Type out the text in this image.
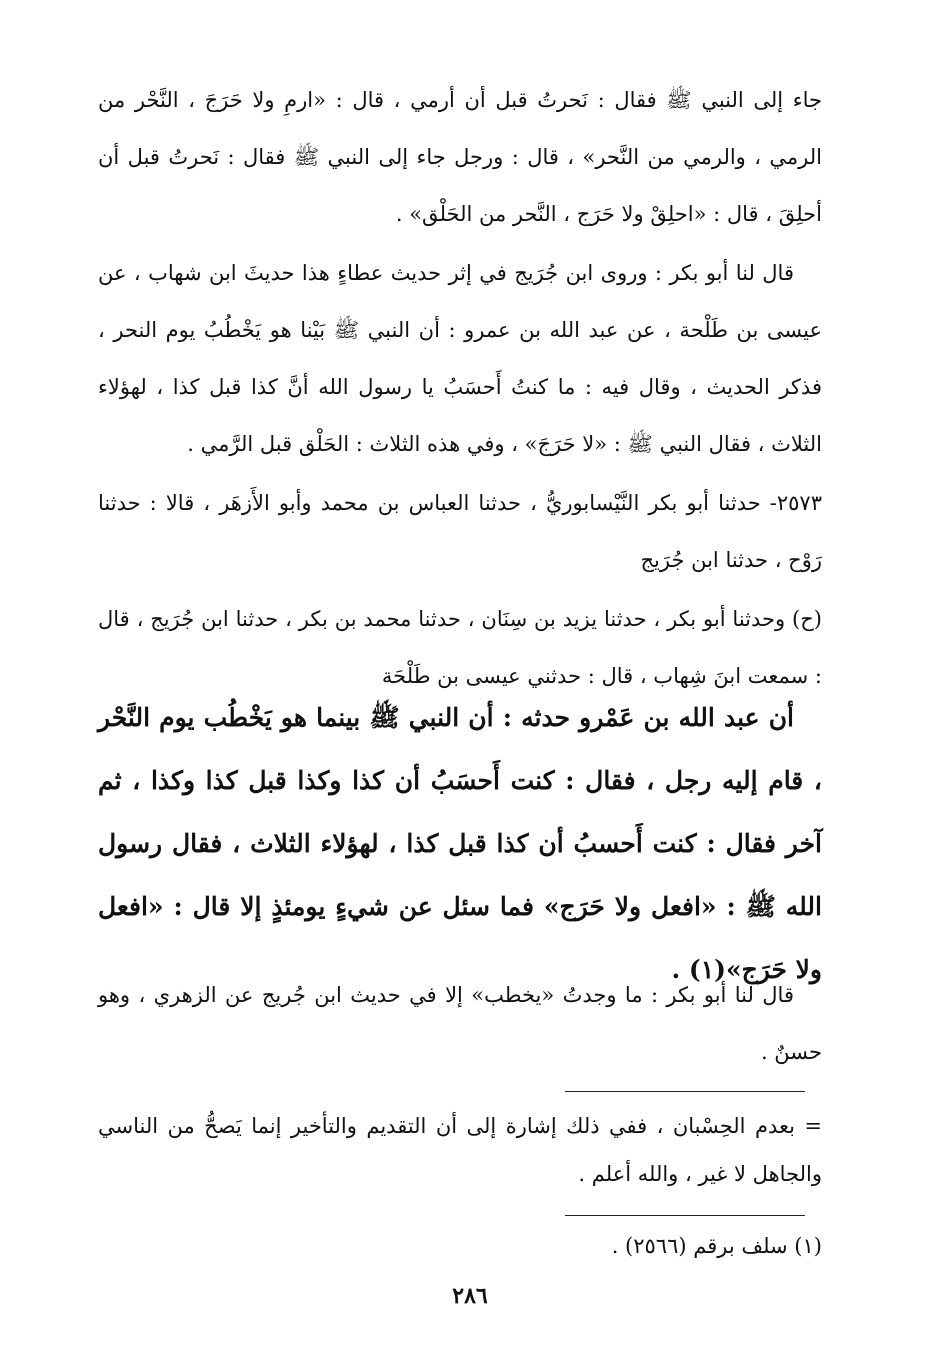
جاء إلى النبي ﷺ فقال : نَحرتُ قبل أن أرمي ، قال : «ارمِ ولا حَرَجَ ، النَّحْر من الرمي ، والرمي من النَّحر» ، قال : ورجل جاء إلى النبي ﷺ فقال : نَحرتُ قبل أن أحلِقَ ، قال : «احلِقْ ولا حَرَج ، النَّحر من الحَلْق» .

قال لنا أبو بكر : وروى ابن جُرَيج في إثر حديث عطاءٍ هذا حديثَ ابن شهاب ، عن عيسى بن طَلْحة ، عن عبد الله بن عمرو : أن النبي ﷺ بَيْنا هو يَخْطُبُ يوم النحر ، فذكر الحديث ، وقال فيه : ما كنتُ أَحسَبُ يا رسول الله أنَّ كذا قبل كذا ، لهؤلاء الثلاث ، فقال النبي ﷺ : «لا حَرَجَ» ، وفي هذه الثلاث : الحَلْق قبل الرَّمي .

٢٥٧٣- حدثنا أبو بكر النَّيْسابوريُّ ، حدثنا العباس بن محمد وأبو الأَزهَر ، قالا : حدثنا رَوْح ، حدثنا ابن جُرَيج

(ح) وحدثنا أبو بكر ، حدثنا يزيد بن سِنَان ، حدثنا محمد بن بكر ، حدثنا ابن جُرَيج ، قال : سمعت ابنَ شِهاب ، قال : حدثني عيسى بن طَلْحَة

أن عبد الله بن عَمْرو حدثه : أن النبي ﷺ بينما هو يَخْطُب يوم النَّحْر ، قام إليه رجل ، فقال : كنت أَحسَبُ أن كذا وكذا قبل كذا وكذا ، ثم آخر فقال : كنت أَحسبُ أن كذا قبل كذا ، لهؤلاء الثلاث ، فقال رسول الله ﷺ : «افعل ولا حَرَج» فما سئل عن شيءٍ يومئذٍ إلا قال : «افعل ولا حَرَج»(١) .

قال لنا أبو بكر : ما وجدتُ «يخطب» إلا في حديث ابن جُريج عن الزهري ، وهو حسنٌ .

= بعدم الحِسْبان ، ففي ذلك إشارة إلى أن التقديم والتأخير إنما يَصحُّ من الناسي والجاهل لا غير ، والله أعلم .

(١) سلف برقم (٢٥٦٦) .

٢٨٦
